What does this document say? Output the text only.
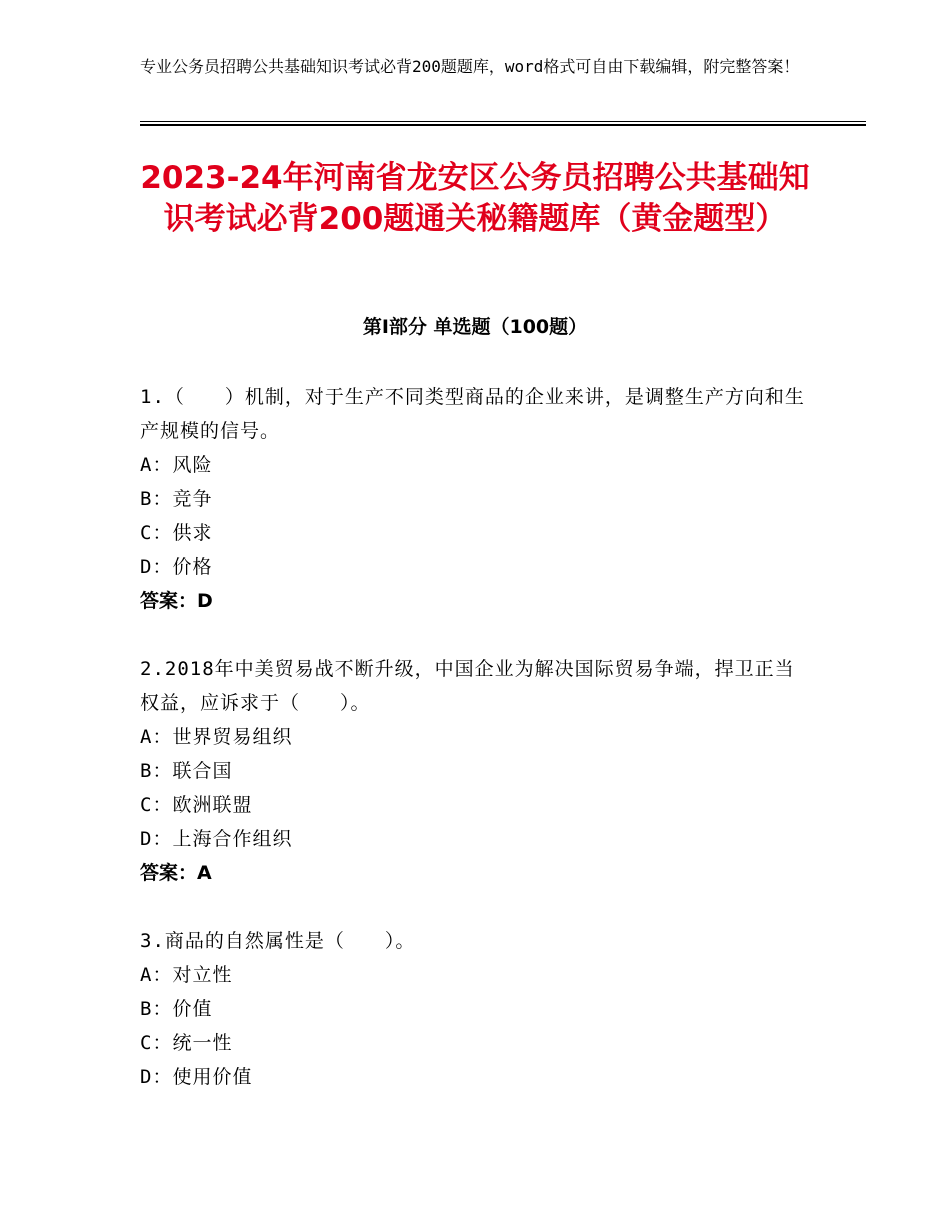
专业公务员招聘公共基础知识考试必背200题题库，word格式可自由下载编辑，附完整答案！
2023-24年河南省龙安区公务员招聘公共基础知识考试必背200题通关秘籍题库（黄金题型）
第Ⅰ部分 单选题（100题）
1.（　　）机制，对于生产不同类型商品的企业来讲，是调整生产方向和生产规模的信号。
A：风险
B：竞争
C：供求
D：价格
答案：D
2.2018年中美贸易战不断升级，中国企业为解决国际贸易争端，捍卫正当权益，应诉求于（　　）。
A：世界贸易组织
B：联合国
C：欧洲联盟
D：上海合作组织
答案：A
3.商品的自然属性是（　　）。
A：对立性
B：价值
C：统一性
D：使用价值
